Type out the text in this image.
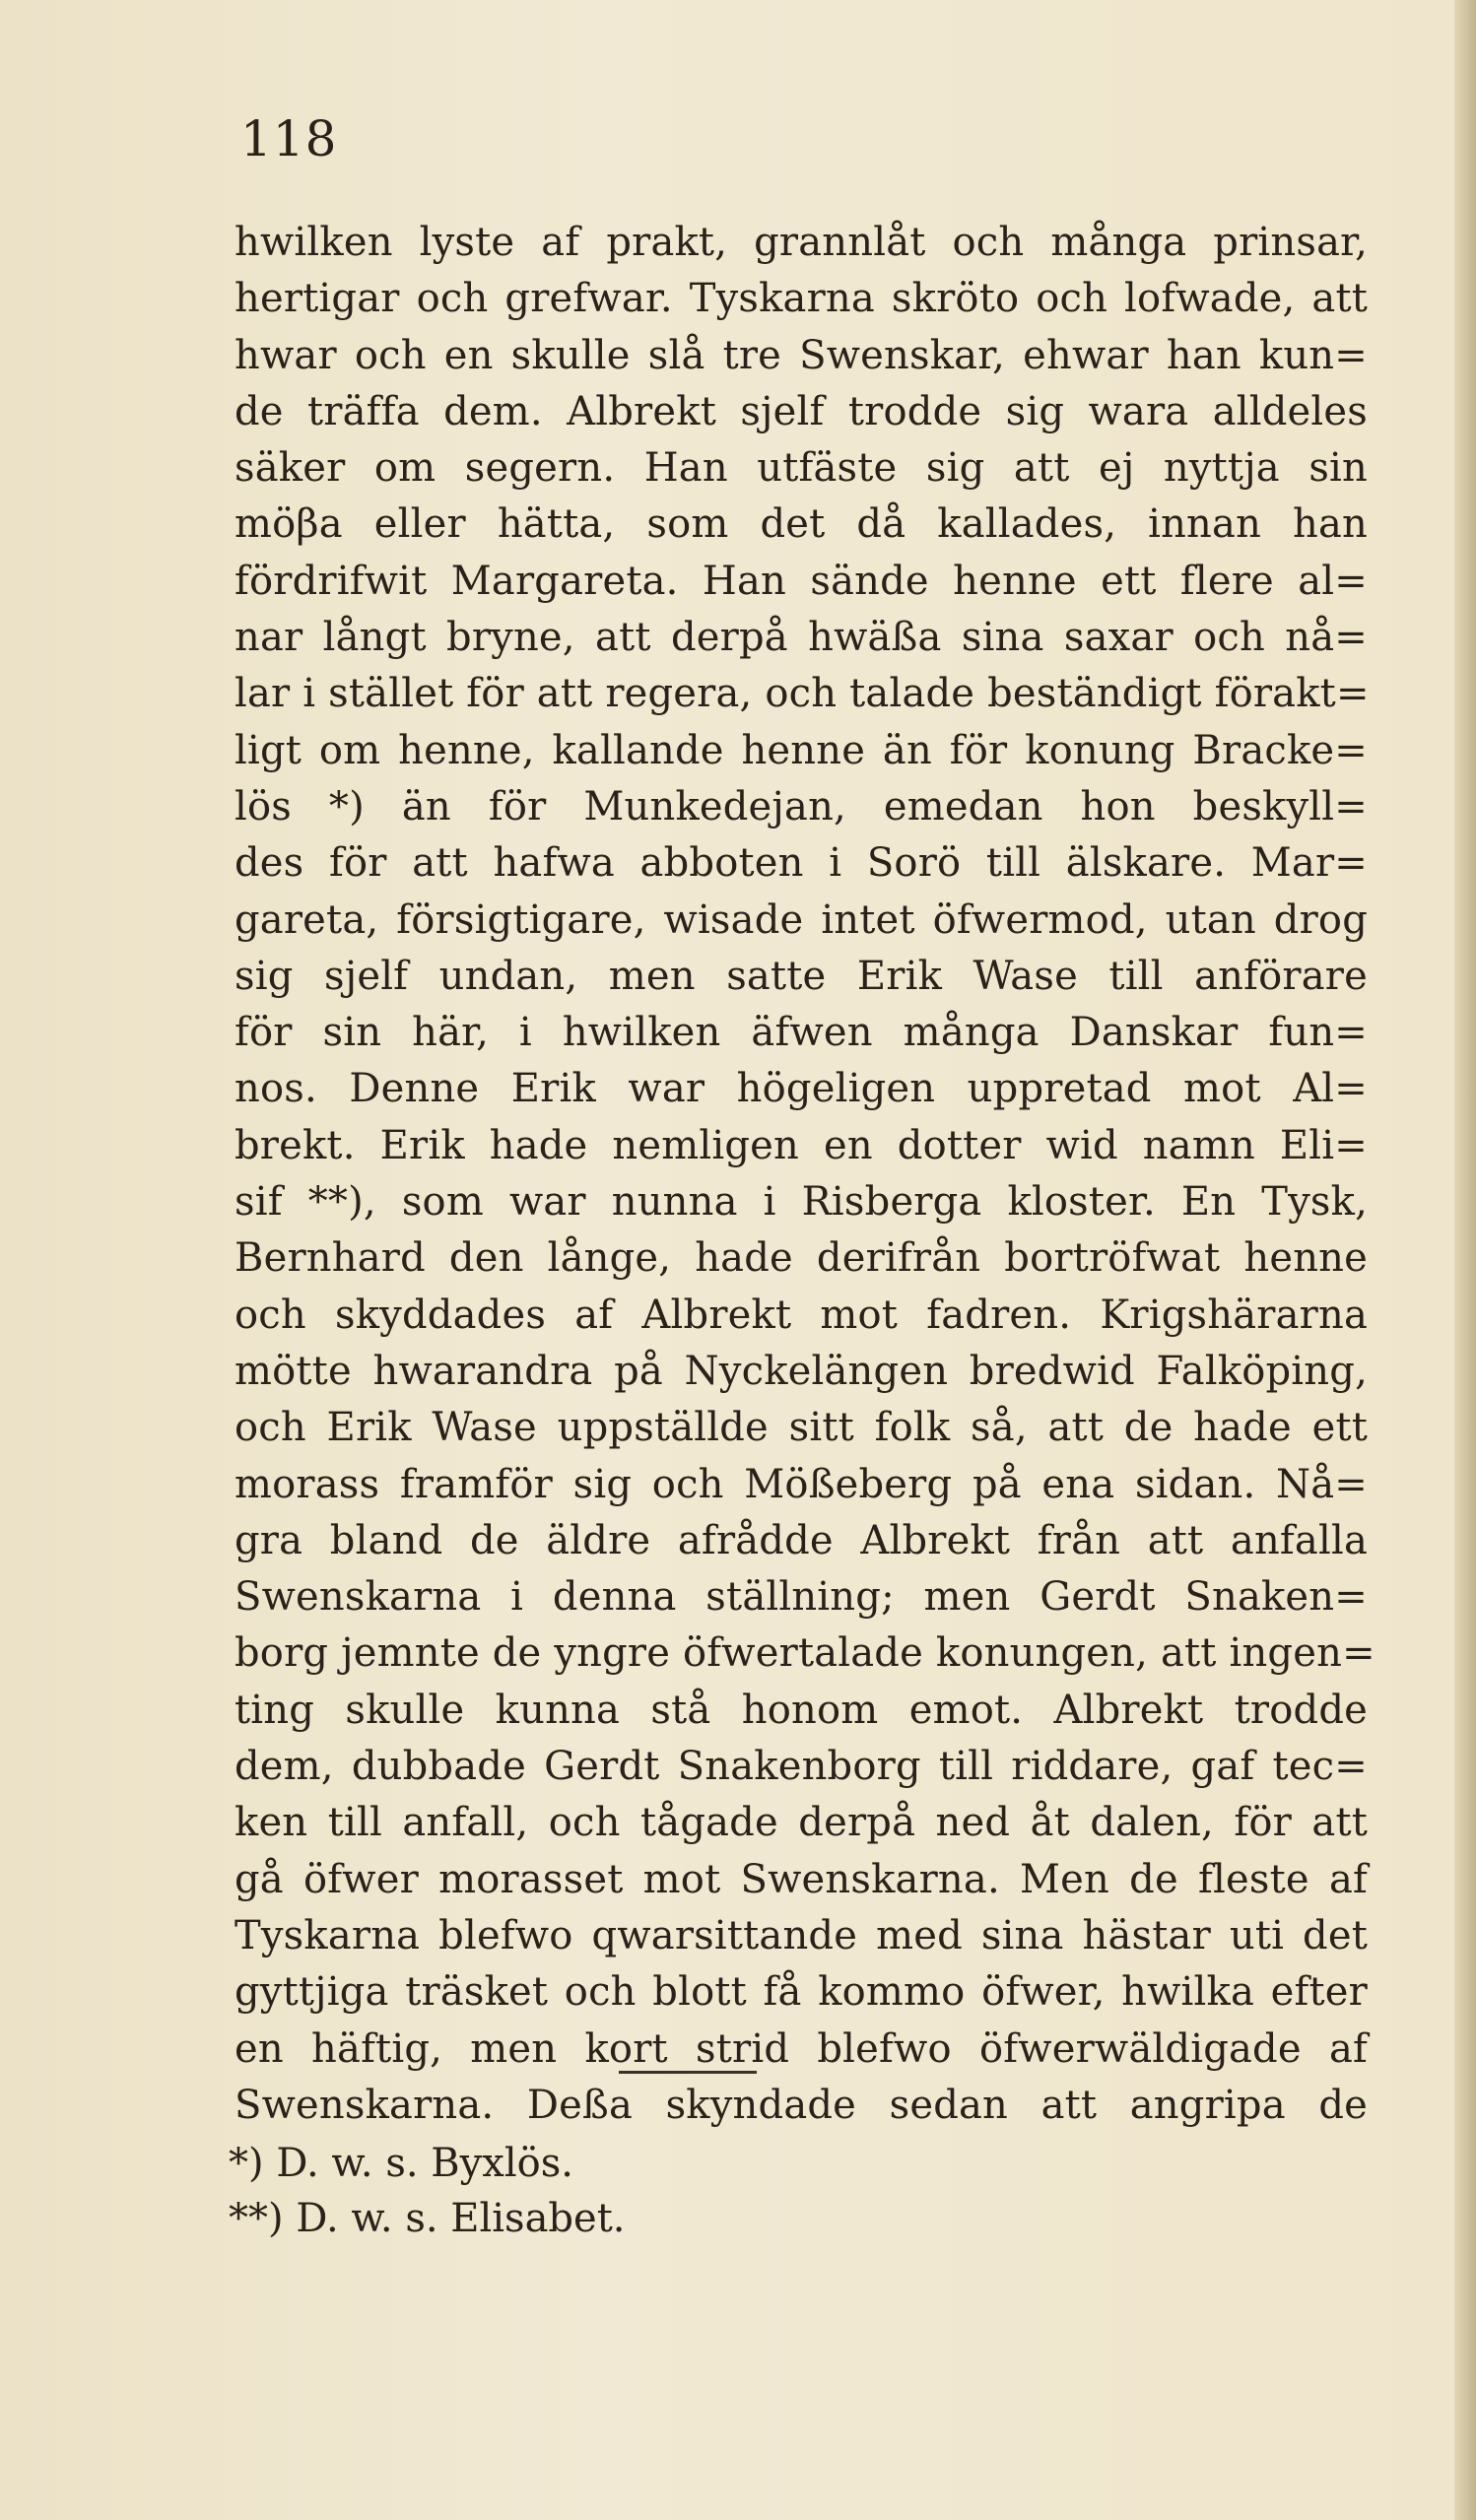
118
hwilken lyste af prakt, grannlåt och många prinsar,
hertigar och grefwar. Tyskarna skröto och lofwade, att
hwar och en skulle slå tre Swenskar, ehwar han kun=
de träffa dem. Albrekt sjelf trodde sig wara alldeles
säker om segern. Han utfäste sig att ej nyttja sin
möβa eller hätta, som det då kallades, innan han
fördrifwit Margareta. Han sände henne ett flere al=
nar långt bryne, att derpå hwäßa sina saxar och nå=
lar i stället för att regera, och talade beständigt förakt=
ligt om henne, kallande henne än för konung Bracke=
lös *) än för Munkedejan, emedan hon beskyll=
des för att hafwa abboten i Sorö till älskare. Mar=
gareta, försigtigare, wisade intet öfwermod, utan drog
sig sjelf undan, men satte Erik Wase till anförare
för sin här, i hwilken äfwen många Danskar fun=
nos. Denne Erik war högeligen uppretad mot Al=
brekt. Erik hade nemligen en dotter wid namn Eli=
sif **), som war nunna i Risberga kloster. En Tysk,
Bernhard den långe, hade derifrån bortröfwat henne
och skyddades af Albrekt mot fadren. Krigshärarna
mötte hwarandra på Nyckelängen bredwid Falköping,
och Erik Wase uppställde sitt folk så, att de hade ett
morass framför sig och Mößeberg på ena sidan. Nå=
gra bland de äldre afrådde Albrekt från att anfalla
Swenskarna i denna ställning; men Gerdt Snaken=
borg jemnte de yngre öfwertalade konungen, att ingen=
ting skulle kunna stå honom emot. Albrekt trodde
dem, dubbade Gerdt Snakenborg till riddare, gaf tec=
ken till anfall, och tågade derpå ned åt dalen, för att
gå öfwer morasset mot Swenskarna. Men de fleste af
Tyskarna blefwo qwarsittande med sina hästar uti det
gyttjiga träsket och blott få kommo öfwer, hwilka efter
en häftig, men kort strid blefwo öfwerwäldigade af
Swenskarna. Deßa skyndade sedan att angripa de
*) D. w. s. Byxlös.
**) D. w. s. Elisabet.
